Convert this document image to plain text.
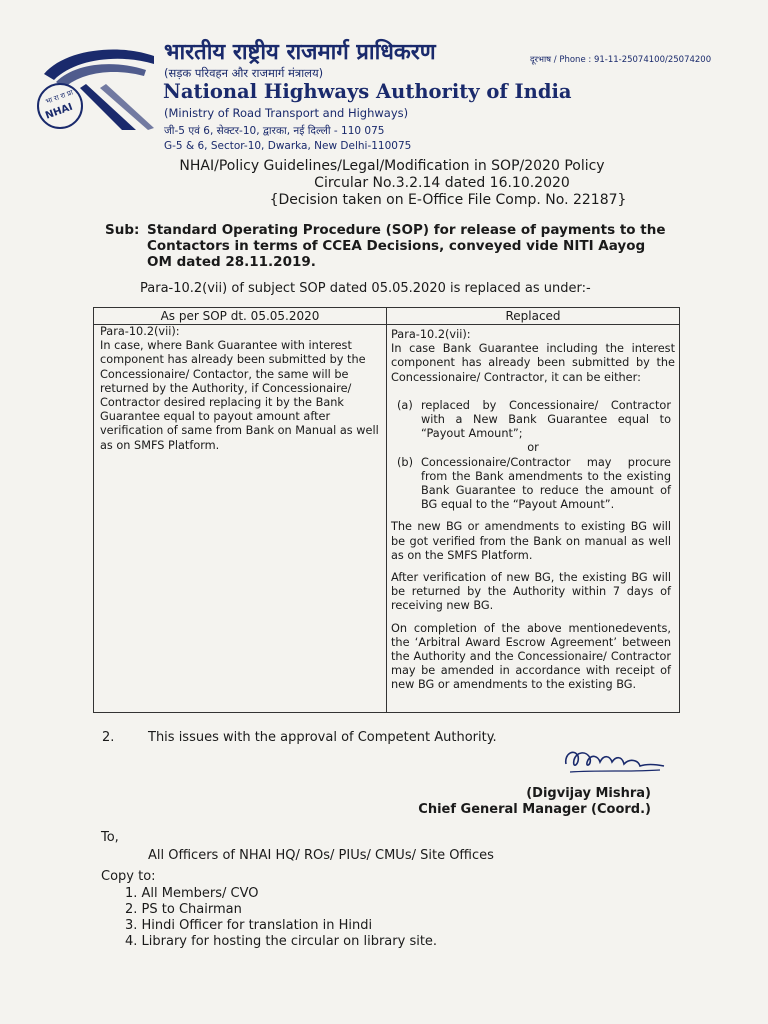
भा रा रा प्रा
NHAI
भारतीय राष्ट्रीय राजमार्ग प्राधिकरण
(सड़क परिवहन और राजमार्ग मंत्रालय)
National Highways Authority of India
(Ministry of Road Transport and Highways)
जी-5 एवं 6, सेक्टर-10, द्वारका, नई दिल्ली - 110 075
G-5 & 6, Sector-10, Dwarka, New Delhi-110075
दूरभाष / Phone : 91-11-25074100/25074200
NHAI/Policy Guidelines/Legal/Modification in SOP/2020 Policy
Circular No.3.2.14 dated 16.10.2020
{Decision taken on E-Office File Comp. No. 22187}
Sub: Standard Operating Procedure (SOP) for release of payments to the Contactors in terms of CCEA Decisions, conveyed vide NITI Aayog OM dated 28.11.2019.
Para-10.2(vii) of subject SOP dated 05.05.2020 is replaced as under:-
As per SOP dt. 05.05.2020	Replaced

Para-10.2(vii):

In case, where Bank Guarantee with interest component has already been submitted by the Concessionaire/ Contactor, the same will be returned by the Authority, if Concessionaire/ Contractor desired replacing it by the Bank Guarantee equal to payout amount after verification of same from Bank on Manual as well as on SMFS Platform.

Para-10.2(vii):

In case Bank Guarantee including the interest component has already been submitted by the Concessionaire/ Contractor, it can be either:

(a) replaced by Concessionaire/ Contractor with a New Bank Guarantee equal to “Payout Amount”;

or

(b) Concessionaire/Contractor may procure from the Bank amendments to the existing Bank Guarantee to reduce the amount of BG equal to the “Payout Amount”.

The new BG or amendments to existing BG will be got verified from the Bank on manual as well as on the SMFS Platform.

After verification of new BG, the existing BG will be returned by the Authority within 7 days of receiving new BG.

On completion of the above mentionedevents, the ‘Arbitral Award Escrow Agreement’ between the Authority and the Concessionaire/ Contractor may be amended in accordance with receipt of new BG or amendments to the existing BG.

2.	This issues with the approval of Competent Authority.
(Digvijay Mishra)
Chief General Manager (Coord.)
To,
All Officers of NHAI HQ/ ROs/ PIUs/ CMUs/ Site Offices
Copy to:
1. All Members/ CVO
2. PS to Chairman
3. Hindi Officer for translation in Hindi
4. Library for hosting the circular on library site.
